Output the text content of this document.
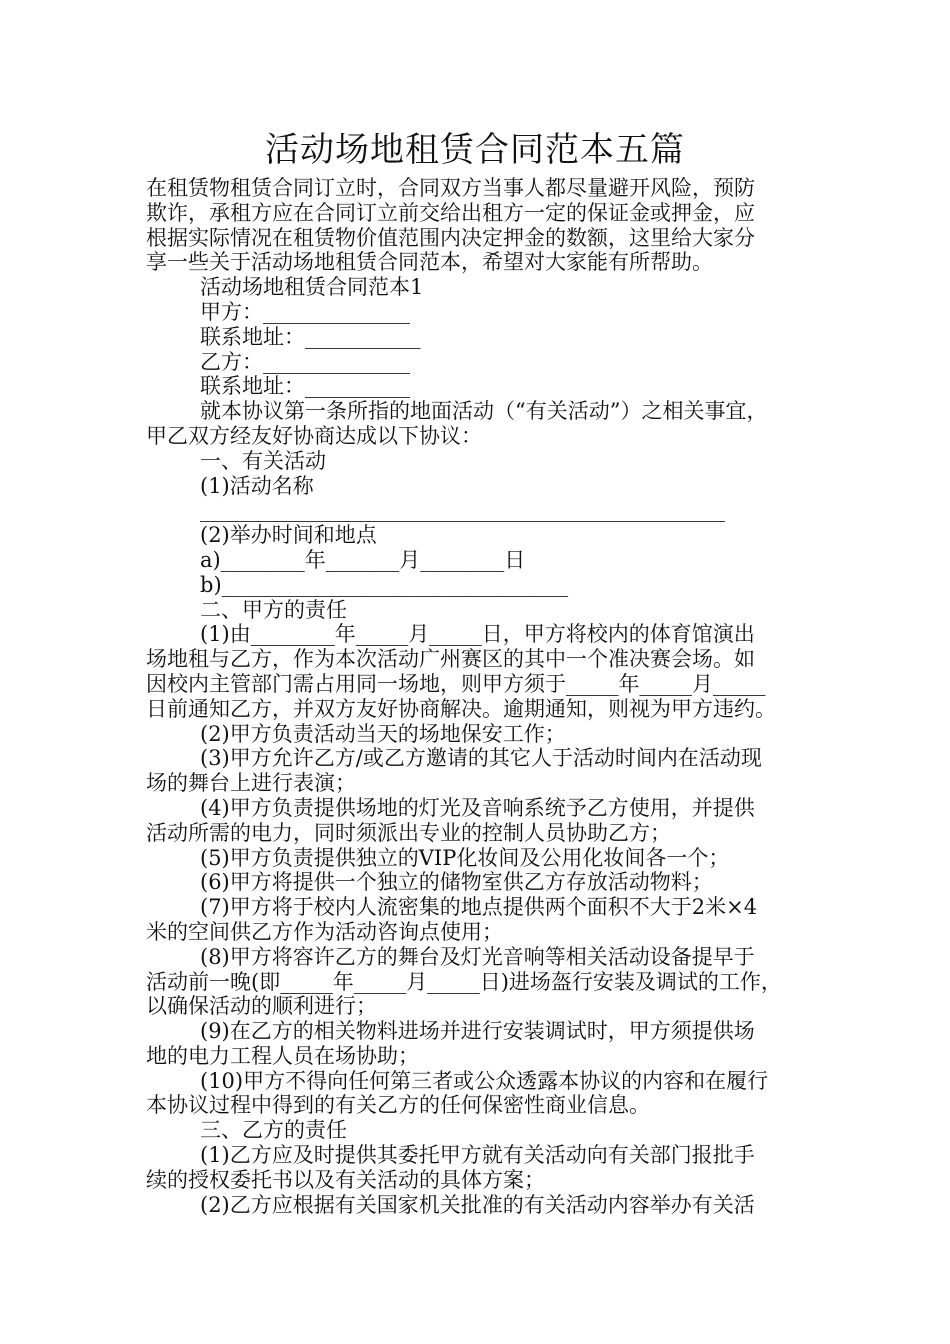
活动场地租赁合同范本五篇

在租赁物租赁合同订立时，合同双方当事人都尽量避开风险，预防

欺诈，承租方应在合同订立前交给出租方一定的保证金或押金，应

根据实际情况在租赁物价值范围内决定押金的数额，这里给大家分

享一些关于活动场地租赁合同范本，希望对大家能有所帮助。

活动场地租赁合同范本1

甲方：______________

联系地址：___________

乙方：______________

联系地址：__________

就本协议第一条所指的地面活动（“有关活动”）之相关事宜，

甲乙双方经友好协商达成以下协议：

一、有关活动

(1)活动名称

__________________________________________________

(2)举办时间和地点

a)________年_______月________日

b)_________________________________

二、甲方的责任

(1)由________年_____月_____日，甲方将校内的体育馆演出

场地租与乙方，作为本次活动广州赛区的其中一个准决赛会场。如

因校内主管部门需占用同一场地，则甲方须于_____年_____月_____

日前通知乙方，并双方友好协商解决。逾期通知，则视为甲方违约。

(2)甲方负责活动当天的场地保安工作；

(3)甲方允许乙方/或乙方邀请的其它人于活动时间内在活动现

场的舞台上进行表演；

(4)甲方负责提供场地的灯光及音响系统予乙方使用，并提供

活动所需的电力，同时须派出专业的控制人员协助乙方；

(5)甲方负责提供独立的VIP化妆间及公用化妆间各一个；

(6)甲方将提供一个独立的储物室供乙方存放活动物料；

(7)甲方将于校内人流密集的地点提供两个面积不大于2米×4

米的空间供乙方作为活动咨询点使用；

(8)甲方将容许乙方的舞台及灯光音响等相关活动设备提早于

活动前一晚(即_____年_____月_____日)进场盔行安装及调试的工作，

以确保活动的顺利进行；

(9)在乙方的相关物料进场并进行安装调试时，甲方须提供场

地的电力工程人员在场协助；

(10)甲方不得向任何第三者或公众透露本协议的内容和在履行

本协议过程中得到的有关乙方的任何保密性商业信息。

三、乙方的责任

(1)乙方应及时提供其委托甲方就有关活动向有关部门报批手

续的授权委托书以及有关活动的具体方案；

(2)乙方应根据有关国家机关批准的有关活动内容举办有关活
